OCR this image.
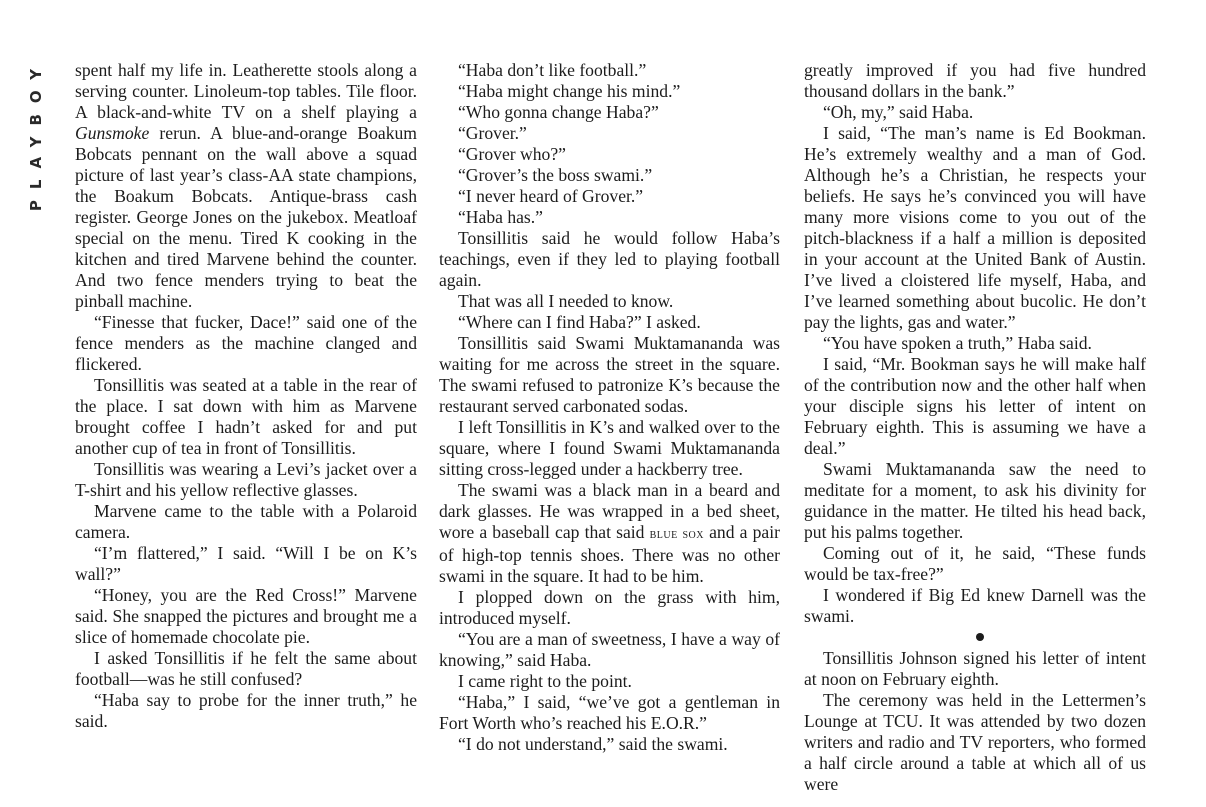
PLAYBOY spent half my life in. Leatherette stools along a serving counter. Linoleum-top tables. Tile floor. A black-and-white TV on a shelf playing a Gunsmoke rerun. A blue-and-orange Boakum Bobcats pennant on the wall above a squad picture of last year’s class-AA state champions, the Boakum Bobcats. Antique-brass cash register. George Jones on the jukebox. Meatloaf special on the menu. Tired K cooking in the kitchen and tired Marvene behind the counter. And two fence menders trying to beat the pinball machine.

“Finesse that fucker, Dace!” said one of the fence menders as the machine clanged and flickered.

Tonsillitis was seated at a table in the rear of the place. I sat down with him as Marvene brought coffee I hadn’t asked for and put another cup of tea in front of Tonsillitis.

Tonsillitis was wearing a Levi’s jacket over a T-shirt and his yellow reflective glasses.

Marvene came to the table with a Polaroid camera.

“I’m flattered,” I said. “Will I be on K’s wall?”

“Honey, you are the Red Cross!” Marvene said. She snapped the pictures and brought me a slice of homemade chocolate pie.

I asked Tonsillitis if he felt the same about football—was he still confused?

“Haba say to probe for the inner truth,” he said.

“Haba don’t like football.”

“Haba might change his mind.”

“Who gonna change Haba?”

“Grover.”

“Grover who?”

“Grover’s the boss swami.”

“I never heard of Grover.”

“Haba has.”

Tonsillitis said he would follow Haba’s teachings, even if they led to playing football again.

That was all I needed to know.

“Where can I find Haba?” I asked.

Tonsillitis said Swami Muktamananda was waiting for me across the street in the square. The swami refused to patronize K’s because the restaurant served carbonated sodas.

I left Tonsillitis in K’s and walked over to the square, where I found Swami Muktamananda sitting cross-legged under a hackberry tree.

The swami was a black man in a beard and dark glasses. He was wrapped in a bed sheet, wore a baseball cap that said blue sox and a pair of high-top tennis shoes. There was no other swami in the square. It had to be him.

I plopped down on the grass with him, introduced myself.

“You are a man of sweetness, I have a way of knowing,” said Haba.

I came right to the point.

“Haba,” I said, “we’ve got a gentleman in Fort Worth who’s reached his E.O.R.”

“I do not understand,” said the swami.

greatly improved if you had five hundred thousand dollars in the bank.”

“Oh, my,” said Haba.

I said, “The man’s name is Ed Bookman. He’s extremely wealthy and a man of God. Although he’s a Christian, he respects your beliefs. He says he’s convinced you will have many more visions come to you out of the pitch-blackness if a half a million is deposited in your account at the United Bank of Austin. I’ve lived a cloistered life myself, Haba, and I’ve learned something about bucolic. He don’t pay the lights, gas and water.”

“You have spoken a truth,” Haba said.

I said, “Mr. Bookman says he will make half of the contribution now and the other half when your disciple signs his letter of intent on February eighth. This is assuming we have a deal.”

Swami Muktamananda saw the need to meditate for a moment, to ask his divinity for guidance in the matter. He tilted his head back, put his palms together.

Coming out of it, he said, “These funds would be tax-free?”

I wondered if Big Ed knew Darnell was the swami.

Tonsillitis Johnson signed his letter of intent at noon on February eighth.

The ceremony was held in the Lettermen’s Lounge at TCU. It was attended by two dozen writers and radio and TV reporters, who formed a half circle around a table at which all of us were
